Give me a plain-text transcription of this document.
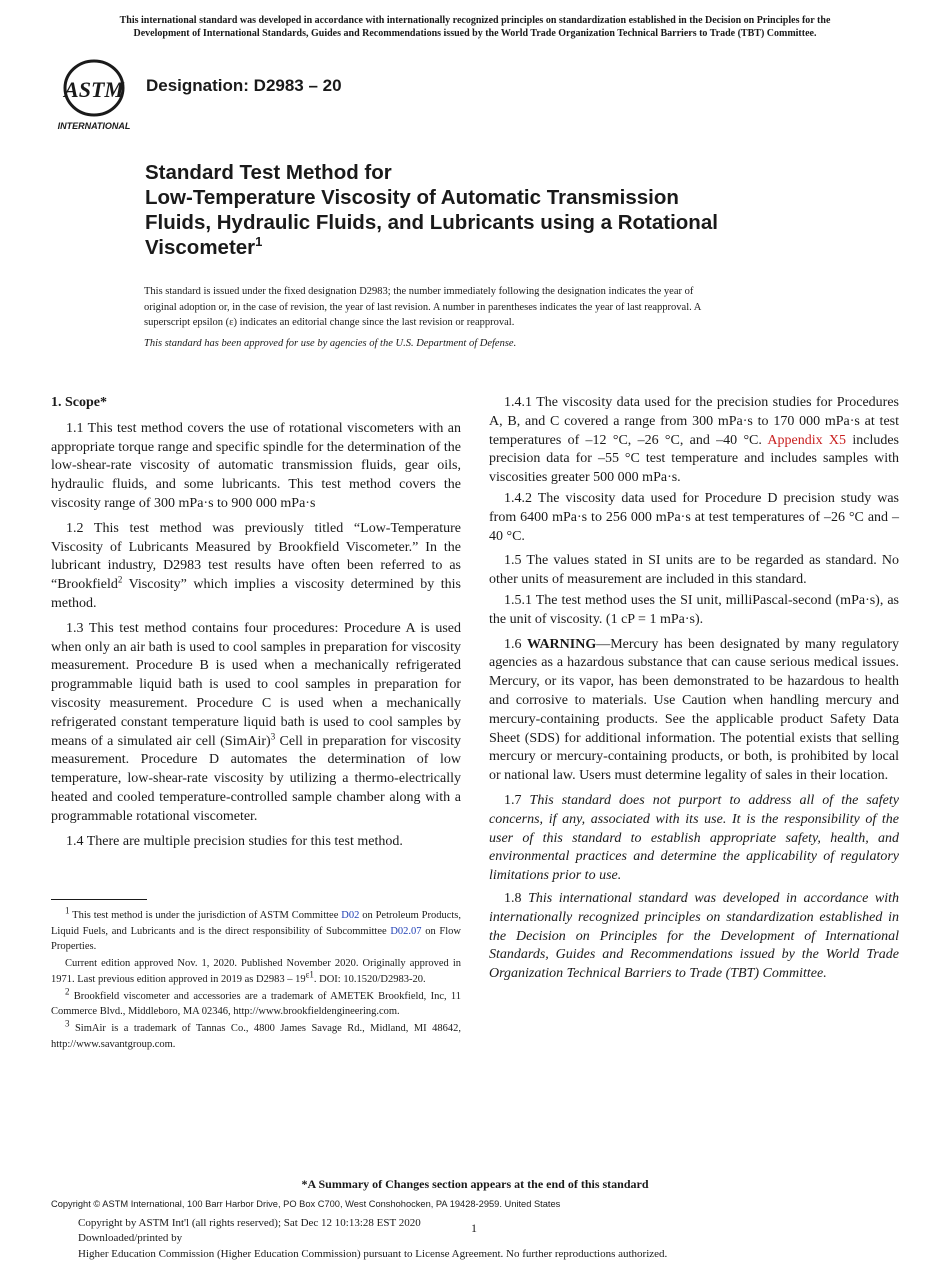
This international standard was developed in accordance with internationally recognized principles on standardization established in the Decision on Principles for the
Development of International Standards, Guides and Recommendations issued by the World Trade Organization Technical Barriers to Trade (TBT) Committee.
ASTM
INTERNATIONAL
Designation: D2983 – 20
Standard Test Method for
Low-Temperature Viscosity of Automatic Transmission
Fluids, Hydraulic Fluids, and Lubricants using a Rotational
Viscometer$^1$
This standard is issued under the fixed designation D2983; the number immediately following the designation indicates the year of
original adoption or, in the case of revision, the year of last revision. A number in parentheses indicates the year of last reapproval. A
superscript epsilon (ε) indicates an editorial change since the last revision or reapproval.
This standard has been approved for use by agencies of the U.S. Department of Defense.
1. Scope*

1.1 This test method covers the use of rotational viscometers with an appropriate torque range and specific spindle for the determination of the low-shear-rate viscosity of automatic transmission fluids, gear oils, hydraulic fluids, and some lubricants. This test method covers the viscosity range of 300 mPa·s to 900 000 mPa·s

1.2 This test method was previously titled “Low-Temperature Viscosity of Lubricants Measured by Brookfield Viscometer.” In the lubricant industry, D2983 test results have often been referred to as “Brookfield$^2$ Viscosity” which implies a viscosity determined by this method.

1.3 This test method contains four procedures: Procedure A is used when only an air bath is used to cool samples in preparation for viscosity measurement. Procedure B is used when a mechanically refrigerated programmable liquid bath is used to cool samples in preparation for viscosity measurement. Procedure C is used when a mechanically refrigerated constant temperature liquid bath is used to cool samples by means of a simulated air cell (SimAir)$^3$ Cell in preparation for viscosity measurement. Procedure D automates the determination of low temperature, low-shear-rate viscosity by utilizing a thermo-electrically heated and cooled temperature-controlled sample chamber along with a programmable rotational viscometer.

1.4 There are multiple precision studies for this test method.

1.4.1 The viscosity data used for the precision studies for Procedures A, B, and C covered a range from 300 mPa·s to 170 000 mPa·s at test temperatures of –12 °C, –26 °C, and –40 °C. Appendix X5 includes precision data for –55 °C test temperature and includes samples with viscosities greater 500 000 mPa·s.

1.4.2 The viscosity data used for Procedure D precision study was from 6400 mPa·s to 256 000 mPa·s at test temperatures of –26 °C and –40 °C.

1.5 The values stated in SI units are to be regarded as standard. No other units of measurement are included in this standard.

1.5.1 The test method uses the SI unit, milliPascal-second (mPa·s), as the unit of viscosity. (1 cP = 1 mPa·s).

1.6 WARNING—Mercury has been designated by many regulatory agencies as a hazardous substance that can cause serious medical issues. Mercury, or its vapor, has been demonstrated to be hazardous to health and corrosive to materials. Use Caution when handling mercury and mercury-containing products. See the applicable product Safety Data Sheet (SDS) for additional information. The potential exists that selling mercury or mercury-containing products, or both, is prohibited by local or national law. Users must determine legality of sales in their location.

1.7 This standard does not purport to address all of the safety concerns, if any, associated with its use. It is the responsibility of the user of this standard to establish appropriate safety, health, and environmental practices and determine the applicability of regulatory limitations prior to use.

1.8 This international standard was developed in accordance with internationally recognized principles on standardization established in the Decision on Principles for the Development of International Standards, Guides and Recommendations issued by the World Trade Organization Technical Barriers to Trade (TBT) Committee.

$^1$ This test method is under the jurisdiction of ASTM Committee D02 on Petroleum Products, Liquid Fuels, and Lubricants and is the direct responsibility of Subcommittee D02.07 on Flow Properties.

Current edition approved Nov. 1, 2020. Published November 2020. Originally approved in 1971. Last previous edition approved in 2019 as $D2983 - 19^{\varepsilon 1}$. DOI: 10.1520/D2983-20.

$^2$ Brookfield viscometer and accessories are a trademark of AMETEK Brookfield, Inc, 11 Commerce Blvd., Middleboro, MA 02346, http://www.brookfieldengineering.com.

$^3$ SimAir is a trademark of Tannas Co., 4800 James Savage Rd., Midland, MI 48642, http://www.savantgroup.com.

*A Summary of Changes section appears at the end of this standard
Copyright © ASTM International, 100 Barr Harbor Drive, PO Box C700, West Conshohocken, PA 19428-2959. United States
Copyright by ASTM Int'l (all rights reserved); Sat Dec 12 10:13:28 EST 2020
Downloaded/printed by
Higher Education Commission (Higher Education Commission) pursuant to License Agreement. No further reproductions authorized.
1
